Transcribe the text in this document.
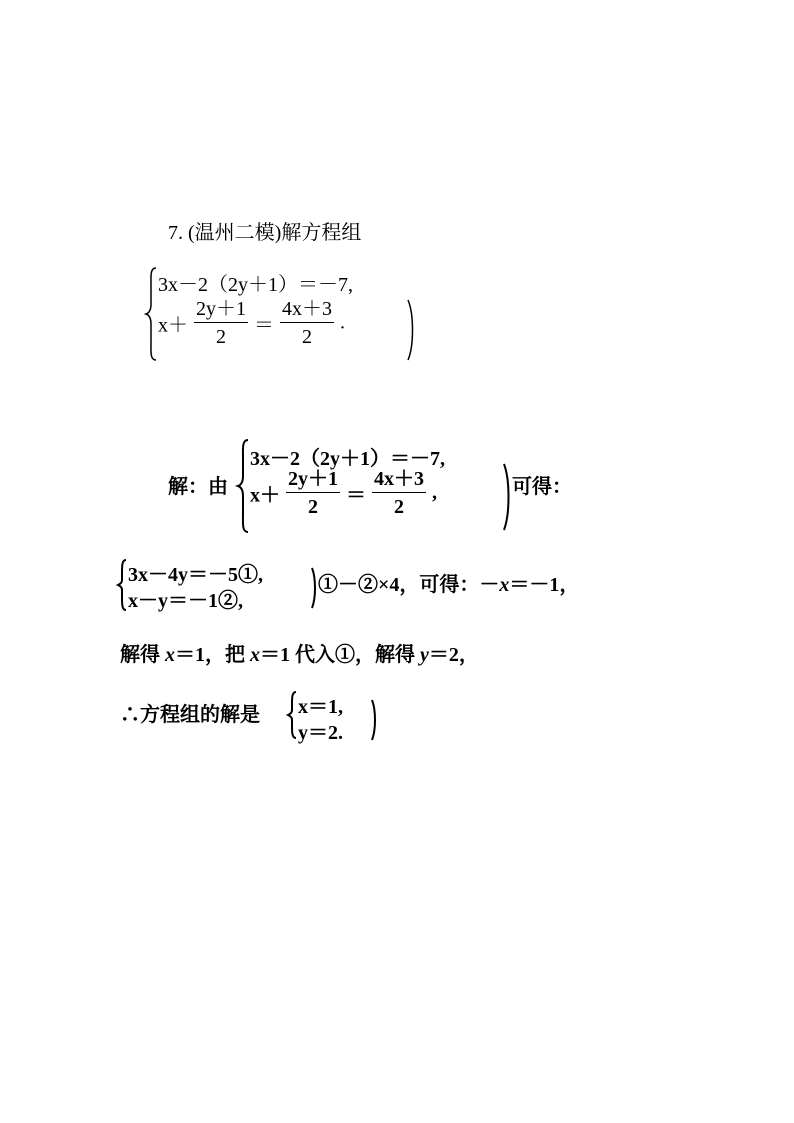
7. (温州二模)解方程组
3x－2（2y＋1）＝－7,
$x+ \frac{2y+1}{2} = \frac{4x+3}{2}$ .
解：由
3x－2（2y＋1）＝－7,
$x+ \frac{2y+1}{2} = \frac{4x+3}{2}$ ,	可得：
3x－4y＝－5①,
x－y＝－1②,
①－②×4，可得：－x＝－1，
解得 x＝1，把 x＝1 代入①，解得 y＝2，
∴方程组的解是 x＝1,
y＝2.
